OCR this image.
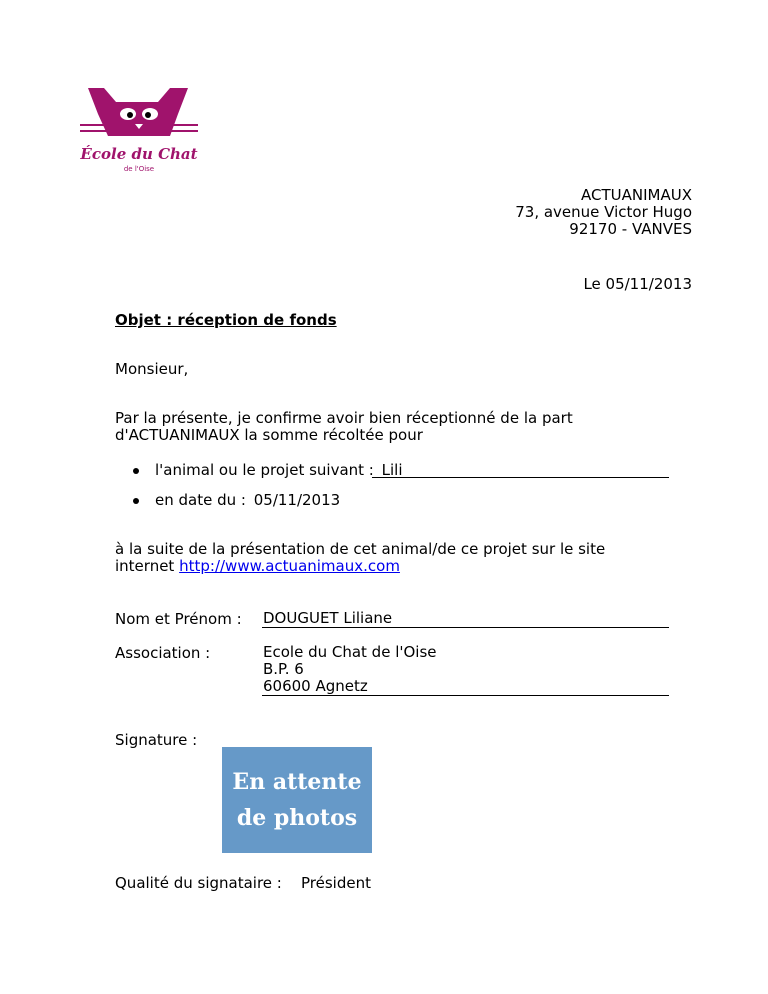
École du Chat
de l'Oise
ACTUANIMAUX
73, avenue Victor Hugo
92170 - VANVES
Le 05/11/2013
Objet : réception de fonds
Monsieur,
Par la présente, je confirme avoir bien réceptionné de la part
d'ACTUANIMAUX la somme récoltée pour
l'animal ou le projet suivant : Lili
en date du : 05/11/2013
à la suite de la présentation de cet animal/de ce projet sur le site
internet http://www.actuanimaux.com
Nom et Prénom : DOUGUET Liliane
Association :	Ecole du Chat de l'Oise
B.P. 6
60600 Agnetz
Signature :
En attente
de photos
Qualité du signataire : Président
